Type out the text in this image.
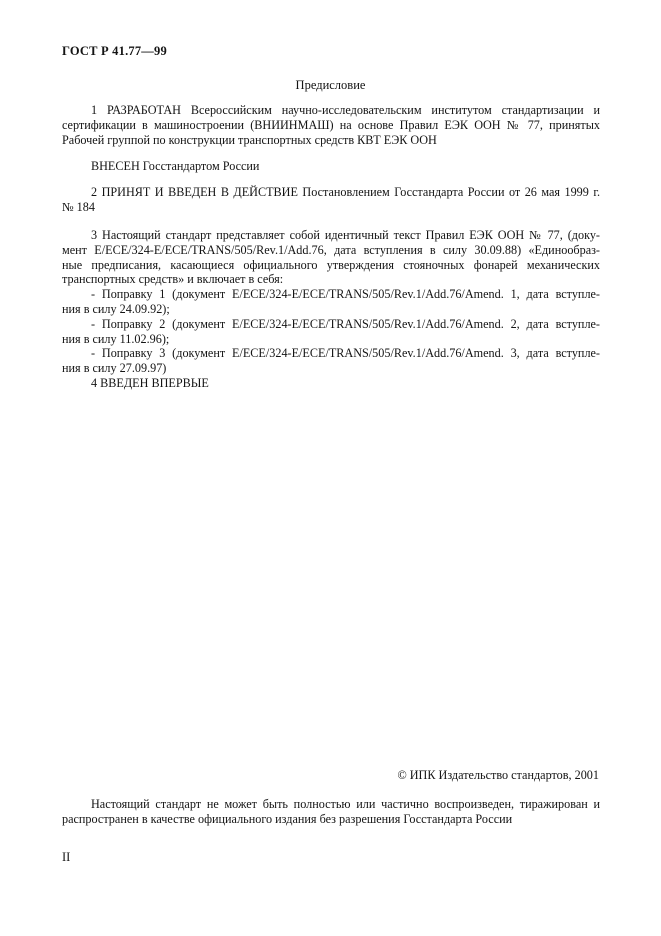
ГОСТ Р 41.77—99
Предисловие
1 РАЗРАБОТАН Всероссийским научно-исследовательским институтом стандартизации и
сертификации в машиностроении (ВНИИНМАШ) на основе Правил ЕЭК ООН № 77, принятых
Рабочей группой по конструкции транспортных средств КВТ ЕЭК ООН
ВНЕСЕН Госстандартом России
2 ПРИНЯТ И ВВЕДЕН В ДЕЙСТВИЕ Постановлением Госстандарта России от 26 мая 1999 г.
№ 184
3 Настоящий стандарт представляет собой идентичный текст Правил ЕЭК ООН № 77, (доку-
мент E/ECE/324-E/ECE/TRANS/505/Rev.1/Add.76, дата вступления в силу 30.09.88) «Единообраз-
ные предписания, касающиеся официального утверждения стояночных фонарей механических
транспортных средств» и включает в себя:
- Поправку 1 (документ E/ECE/324-E/ECE/TRANS/505/Rev.1/Add.76/Amend. 1, дата вступле-
ния в силу 24.09.92);
- Поправку 2 (документ E/ECE/324-E/ECE/TRANS/505/Rev.1/Add.76/Amend. 2, дата вступле-
ния в силу 11.02.96);
- Поправку 3 (документ E/ECE/324-E/ECE/TRANS/505/Rev.1/Add.76/Amend. 3, дата вступле-
ния в силу 27.09.97)
4 ВВЕДЕН ВПЕРВЫЕ
© ИПК Издательство стандартов, 2001
Настоящий стандарт не может быть полностью или частично воспроизведен, тиражирован и
распространен в качестве официального издания без разрешения Госстандарта России
II
